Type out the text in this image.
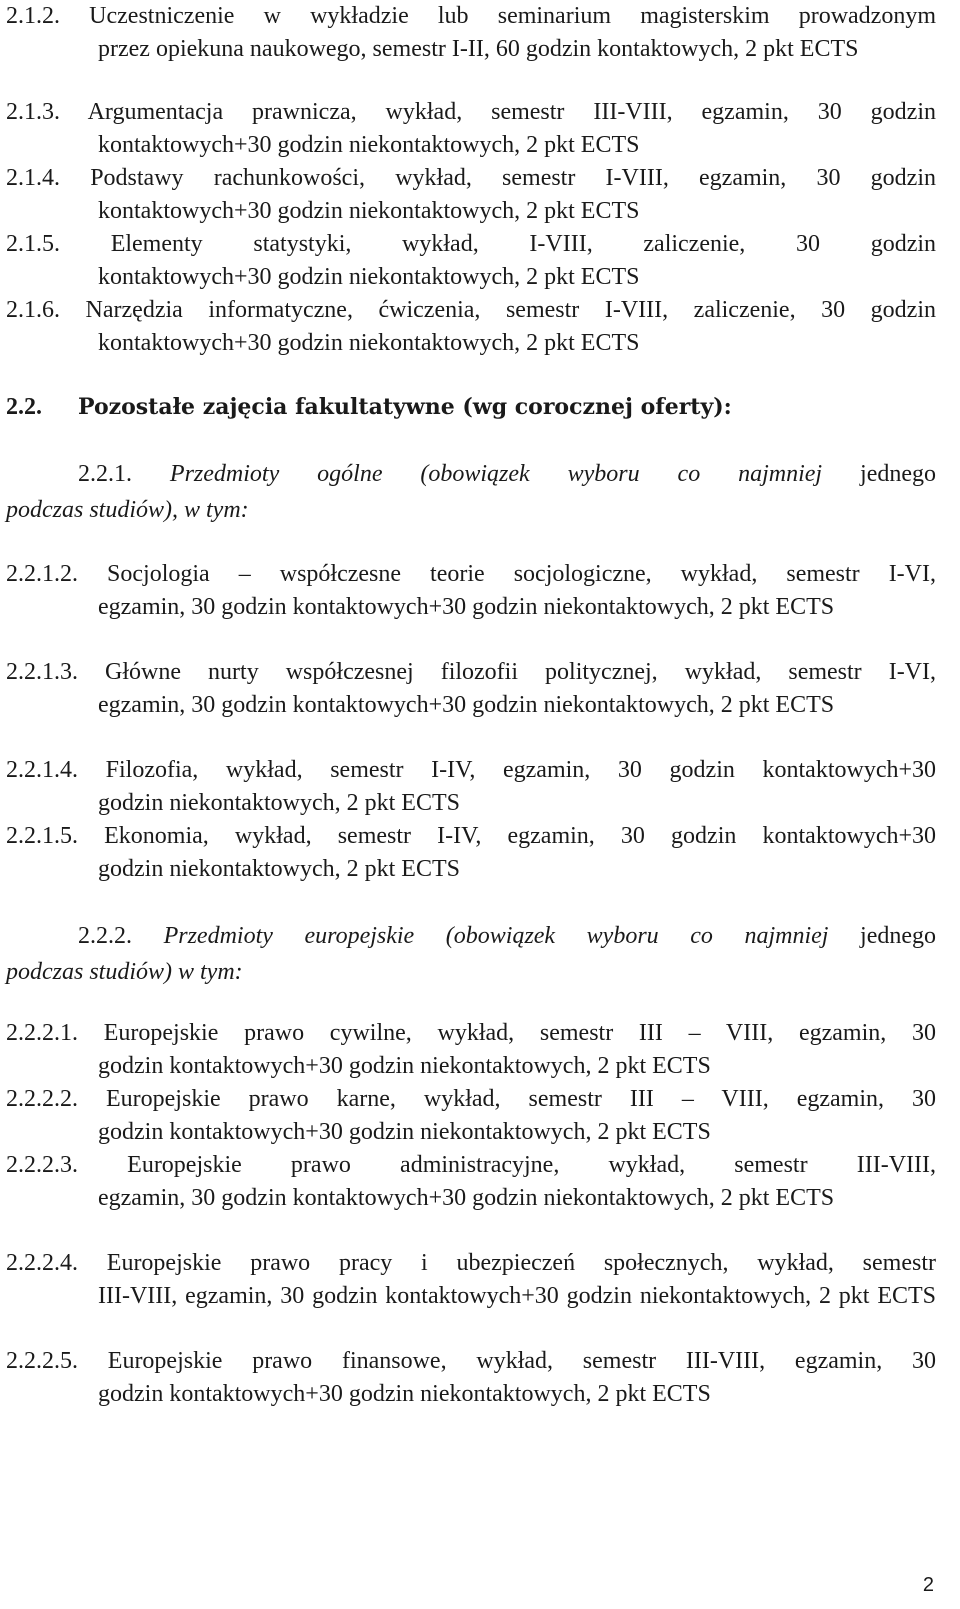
2.1.2. Uczestniczenie w wykładzie lub seminarium magisterskim prowadzonym
przez opiekuna naukowego, semestr I-II, 60 godzin kontaktowych, 2 pkt ECTS
2.1.3. Argumentacja prawnicza, wykład, semestr III-VIII, egzamin, 30 godzin
kontaktowych+30 godzin niekontaktowych, 2 pkt ECTS
2.1.4. Podstawy rachunkowości, wykład, semestr I-VIII, egzamin, 30 godzin
kontaktowych+30 godzin niekontaktowych, 2 pkt ECTS
2.1.5. Elementy statystyki, wykład, I-VIII, zaliczenie, 30 godzin
kontaktowych+30 godzin niekontaktowych, 2 pkt ECTS
2.1.6. Narzędzia informatyczne, ćwiczenia, semestr I-VIII, zaliczenie, 30 godzin
kontaktowych+30 godzin niekontaktowych, 2 pkt ECTS
2.2. Pozostałe zajęcia fakultatywne (wg corocznej oferty):
2.2.1. Przedmioty ogólne (obowiązek wyboru co najmniej jednego
podczas studiów), w tym:
2.2.1.2. Socjologia – współczesne teorie socjologiczne, wykład, semestr I-VI,
egzamin, 30 godzin kontaktowych+30 godzin niekontaktowych, 2 pkt ECTS
2.2.1.3. Główne nurty współczesnej filozofii politycznej, wykład, semestr I-VI,
egzamin, 30 godzin kontaktowych+30 godzin niekontaktowych, 2 pkt ECTS
2.2.1.4. Filozofia, wykład, semestr I-IV, egzamin, 30 godzin kontaktowych+30
godzin niekontaktowych, 2 pkt ECTS
2.2.1.5. Ekonomia, wykład, semestr I-IV, egzamin, 30 godzin kontaktowych+30
godzin niekontaktowych, 2 pkt ECTS
2.2.2. Przedmioty europejskie (obowiązek wyboru co najmniej jednego
podczas studiów) w tym:
2.2.2.1. Europejskie prawo cywilne, wykład, semestr III – VIII, egzamin, 30
godzin kontaktowych+30 godzin niekontaktowych, 2 pkt ECTS
2.2.2.2. Europejskie prawo karne, wykład, semestr III – VIII, egzamin, 30
godzin kontaktowych+30 godzin niekontaktowych, 2 pkt ECTS
2.2.2.3. Europejskie prawo administracyjne, wykład, semestr III-VIII,
egzamin, 30 godzin kontaktowych+30 godzin niekontaktowych, 2 pkt ECTS
2.2.2.4. Europejskie prawo pracy i ubezpieczeń społecznych, wykład, semestr
III-VIII, egzamin, 30 godzin kontaktowych+30 godzin niekontaktowych, 2 pkt ECTS
2.2.2.5. Europejskie prawo finansowe, wykład, semestr III-VIII, egzamin, 30
godzin kontaktowych+30 godzin niekontaktowych, 2 pkt ECTS
2
